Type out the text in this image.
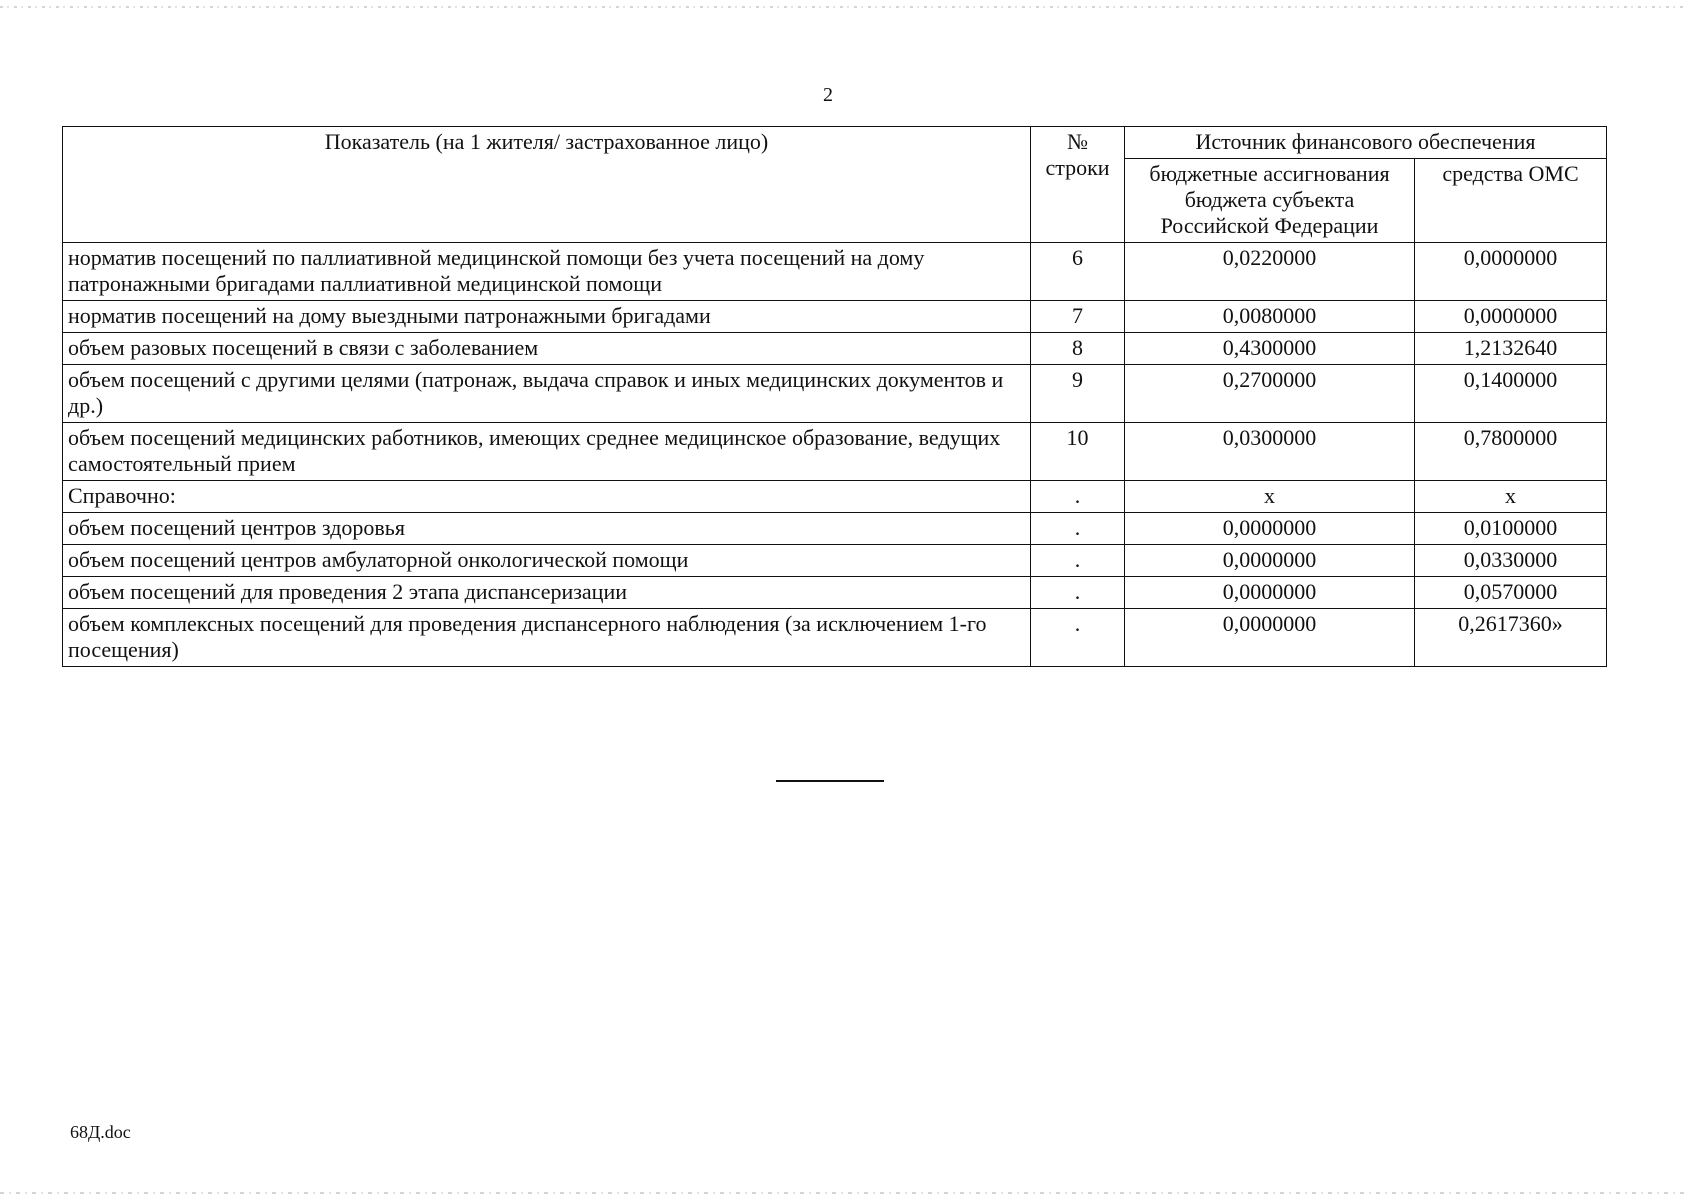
2
Показатель (на 1 жителя/ застрахованное лицо)	№ строки	Источник финансового обеспечения	
		бюджетные ассигнования бюджета субъекта Российской Федерации	средства ОМС
норматив посещений по паллиативной медицинской помощи без учета посещений на дому патронажными бригадами паллиативной медицинской помощи	6	0,0220000	0,0000000
норматив посещений на дому выездными патронажными бригадами	7	0,0080000	0,0000000
объем разовых посещений в связи с заболеванием	8	0,4300000	1,2132640
объем посещений с другими целями (патронаж, выдача справок и иных медицинских документов и др.)	9	0,2700000	0,1400000
объем посещений медицинских работников, имеющих среднее медицинское образование, ведущих самостоятельный прием	10	0,0300000	0,7800000
Справочно:	.	x	x
объем посещений центров здоровья	.	0,0000000	0,0100000
объем посещений центров амбулаторной онкологической помощи	.	0,0000000	0,0330000
объем посещений для проведения 2 этапа диспансеризации	.	0,0000000	0,0570000
объем комплексных посещений для проведения диспансерного наблюдения (за исключением 1-го посещения)	.	0,0000000	0,2617360»
68Д.doc
